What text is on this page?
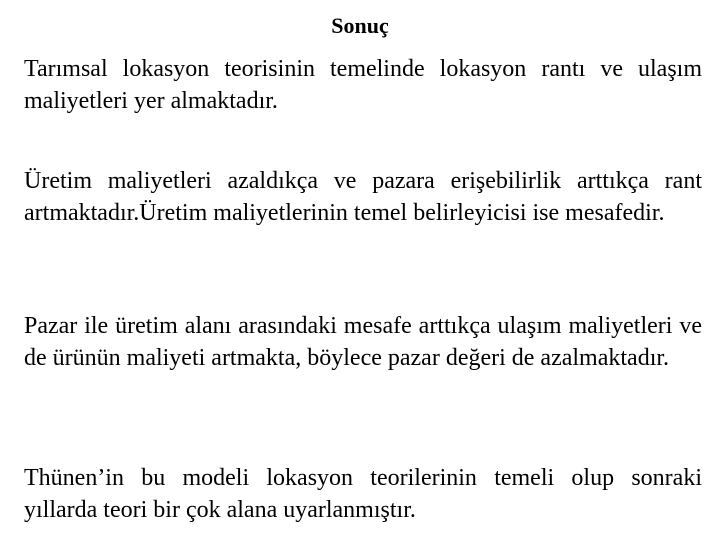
Sonuç
Tarımsal lokasyon teorisinin temelinde lokasyon rantı ve ulaşım maliyetleri yer almaktadır.
Üretim maliyetleri azaldıkça ve pazara erişebilirlik arttıkça rant artmaktadır.Üretim maliyetlerinin temel belirleyicisi ise mesafedir.
Pazar ile üretim alanı arasındaki mesafe arttıkça ulaşım maliyetleri ve de ürünün maliyeti artmakta, böylece pazar değeri de azalmaktadır.
Thünen’in bu modeli lokasyon teorilerinin temeli olup sonraki yıllarda teori bir çok alana uyarlanmıştır.
